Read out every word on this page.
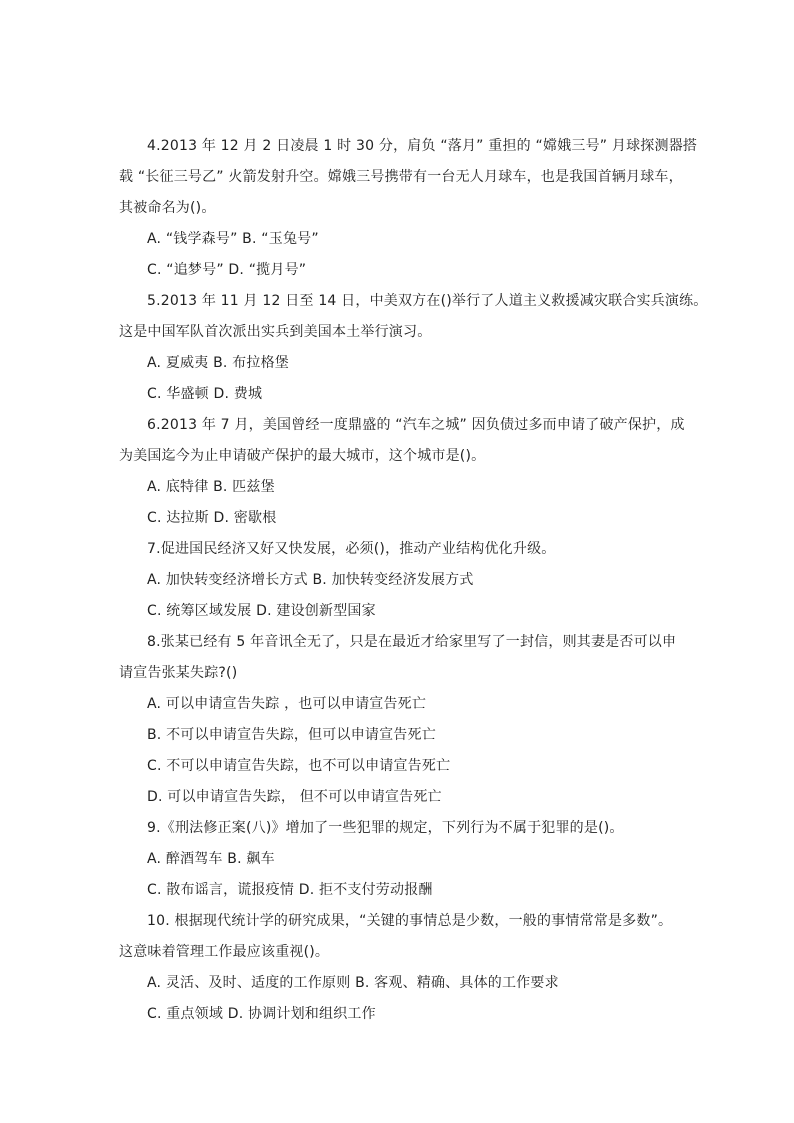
4.2013 年 12 月 2 日凌晨 1 时 30 分，肩负 “落月” 重担的 “嫦娥三号” 月球探测器搭
载 “长征三号乙” 火箭发射升空。嫦娥三号携带有一台无人月球车，也是我国首辆月球车，
其被命名为()。
A. “钱学森号” B. “玉兔号”
C. “追梦号” D. “揽月号”
5.2013 年 11 月 12 日至 14 日，中美双方在()举行了人道主义救援减灾联合实兵演练。
这是中国军队首次派出实兵到美国本土举行演习。
A. 夏威夷 B. 布拉格堡
C. 华盛顿 D. 费城
6.2013 年 7 月，美国曾经一度鼎盛的 “汽车之城” 因负债过多而申请了破产保护，成
为美国迄今为止申请破产保护的最大城市，这个城市是()。
A. 底特律 B. 匹兹堡
C. 达拉斯 D. 密歇根
7.促进国民经济又好又快发展，必须()，推动产业结构优化升级。
A. 加快转变经济增长方式 B. 加快转变经济发展方式
C. 统筹区域发展 D. 建设创新型国家
8.张某已经有 5 年音讯全无了，只是在最近才给家里写了一封信，则其妻是否可以申
请宣告张某失踪?()
A. 可以申请宣告失踪 ，也可以申请宣告死亡
B. 不可以申请宣告失踪，但可以申请宣告死亡
C. 不可以申请宣告失踪，也不可以申请宣告死亡
D. 可以申请宣告失踪， 但不可以申请宣告死亡
9.《刑法修正案(八)》增加了一些犯罪的规定，下列行为不属于犯罪的是()。
A. 醉酒驾车 B. 飙车
C. 散布谣言，谎报疫情 D. 拒不支付劳动报酬
10. 根据现代统计学的研究成果，“关键的事情总是少数，一般的事情常常是多数”。
这意味着管理工作最应该重视()。
A. 灵活、及时、适度的工作原则 B. 客观、精确、具体的工作要求
C. 重点领域 D. 协调计划和组织工作
